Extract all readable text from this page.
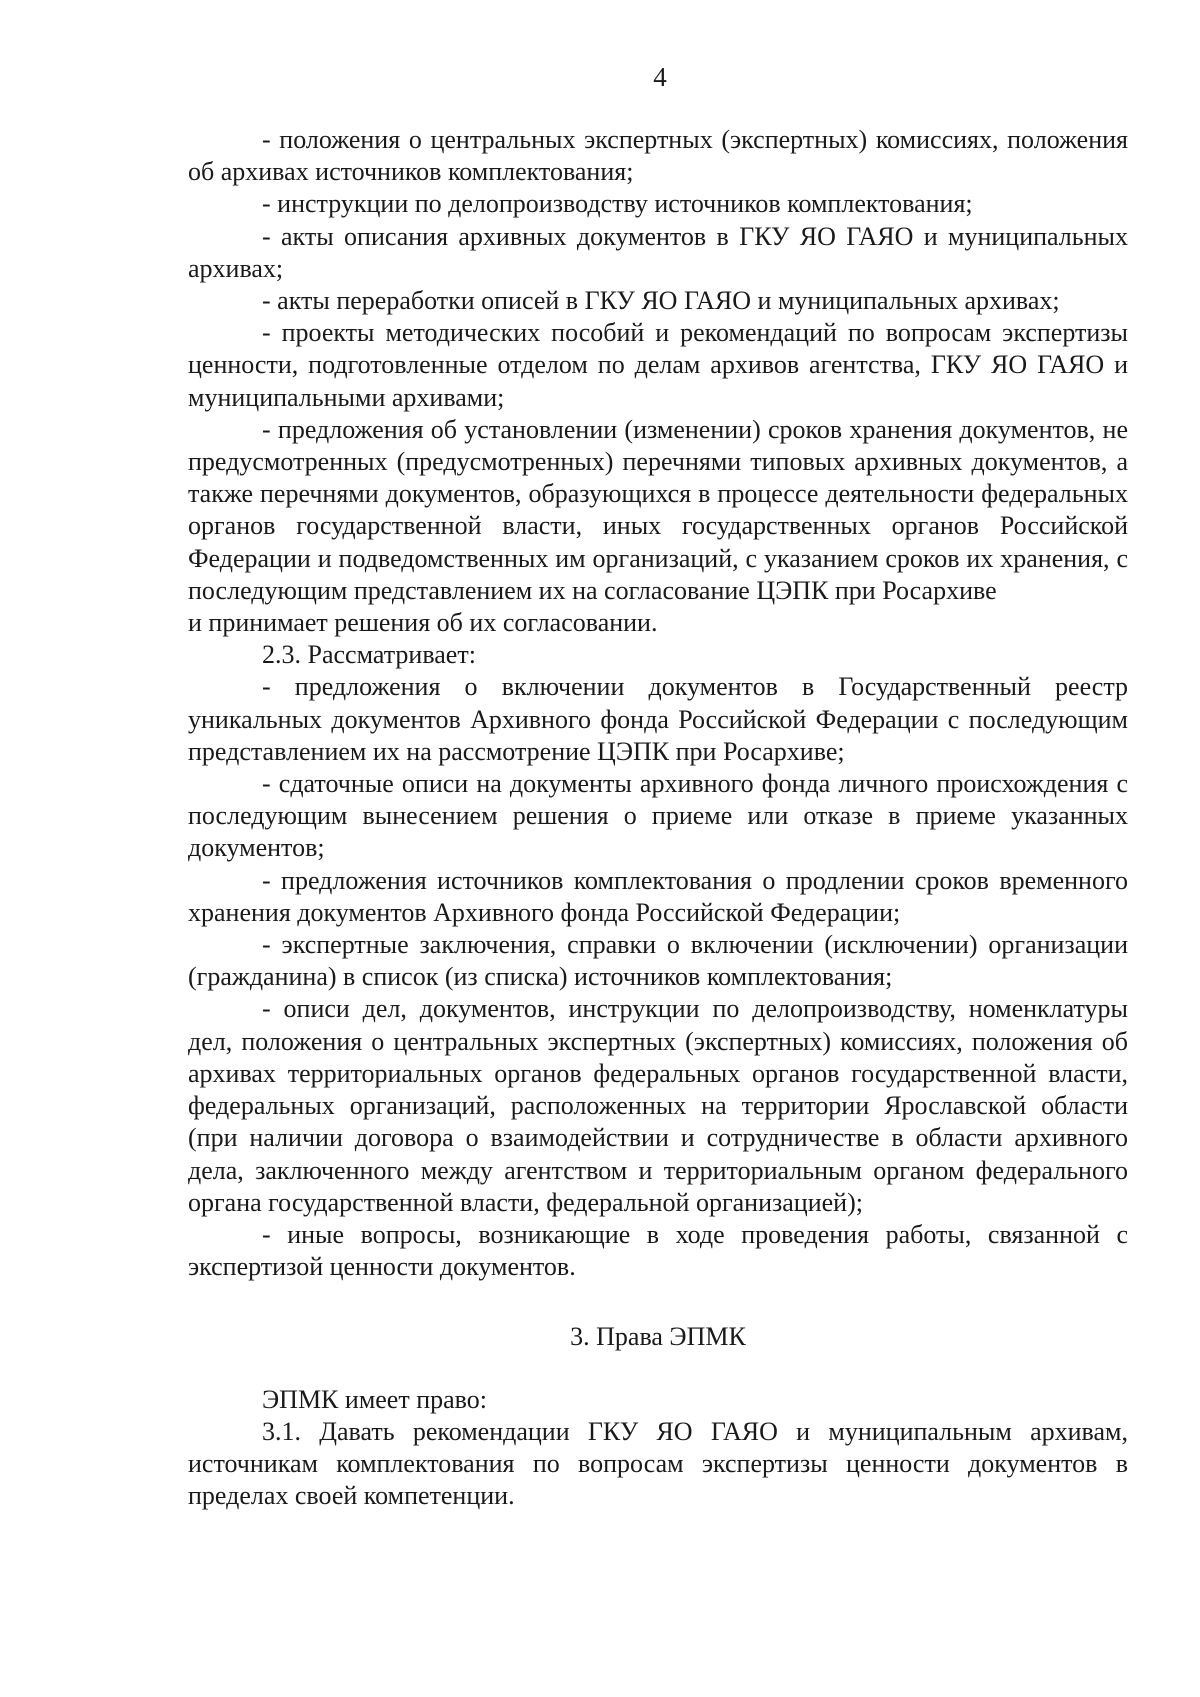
4

- положения о центральных экспертных (экспертных) комиссиях, положения об архивах источников комплектования;

- инструкции по делопроизводству источников комплектования;

- акты описания архивных документов в ГКУ ЯО ГАЯО и муниципальных архивах;

- акты переработки описей в ГКУ ЯО ГАЯО и муниципальных архивах;

- проекты методических пособий и рекомендаций по вопросам экспертизы ценности, подготовленные отделом по делам архивов агентства, ГКУ ЯО ГАЯО и муниципальными архивами;

- предложения об установлении (изменении) сроков хранения документов, не предусмотренных (предусмотренных) перечнями типовых архивных документов, а также перечнями документов, образующихся в процессе деятельности федеральных органов государственной власти, иных государственных органов Российской Федерации и подведомственных им организаций, с указанием сроков их хранения, с последующим представлением их на согласование ЦЭПК при Росархиве

и принимает решения об их согласовании.

2.3. Рассматривает:

- предложения о включении документов в Государственный реестр уникальных документов Архивного фонда Российской Федерации с последующим представлением их на рассмотрение ЦЭПК при Росархиве;

- сдаточные описи на документы архивного фонда личного происхождения с последующим вынесением решения о приеме или отказе в приеме указанных документов;

- предложения источников комплектования о продлении сроков временного хранения документов Архивного фонда Российской Федерации;

- экспертные заключения, справки о включении (исключении) организации (гражданина) в список (из списка) источников комплектования;

- описи дел, документов, инструкции по делопроизводству, номенклатуры дел, положения о центральных экспертных (экспертных) комиссиях, положения об архивах территориальных органов федеральных органов государственной власти, федеральных организаций, расположенных на территории Ярославской области (при наличии договора о взаимодействии и сотрудничестве в области архивного дела, заключенного между агентством и территориальным органом федерального органа государственной власти, федеральной организацией);

- иные вопросы, возникающие в ходе проведения работы, связанной с экспертизой ценности документов.

3. Права ЭПМК

ЭПМК имеет право:

3.1. Давать рекомендации ГКУ ЯО ГАЯО и муниципальным архивам, источникам комплектования по вопросам экспертизы ценности документов в пределах своей компетенции.
